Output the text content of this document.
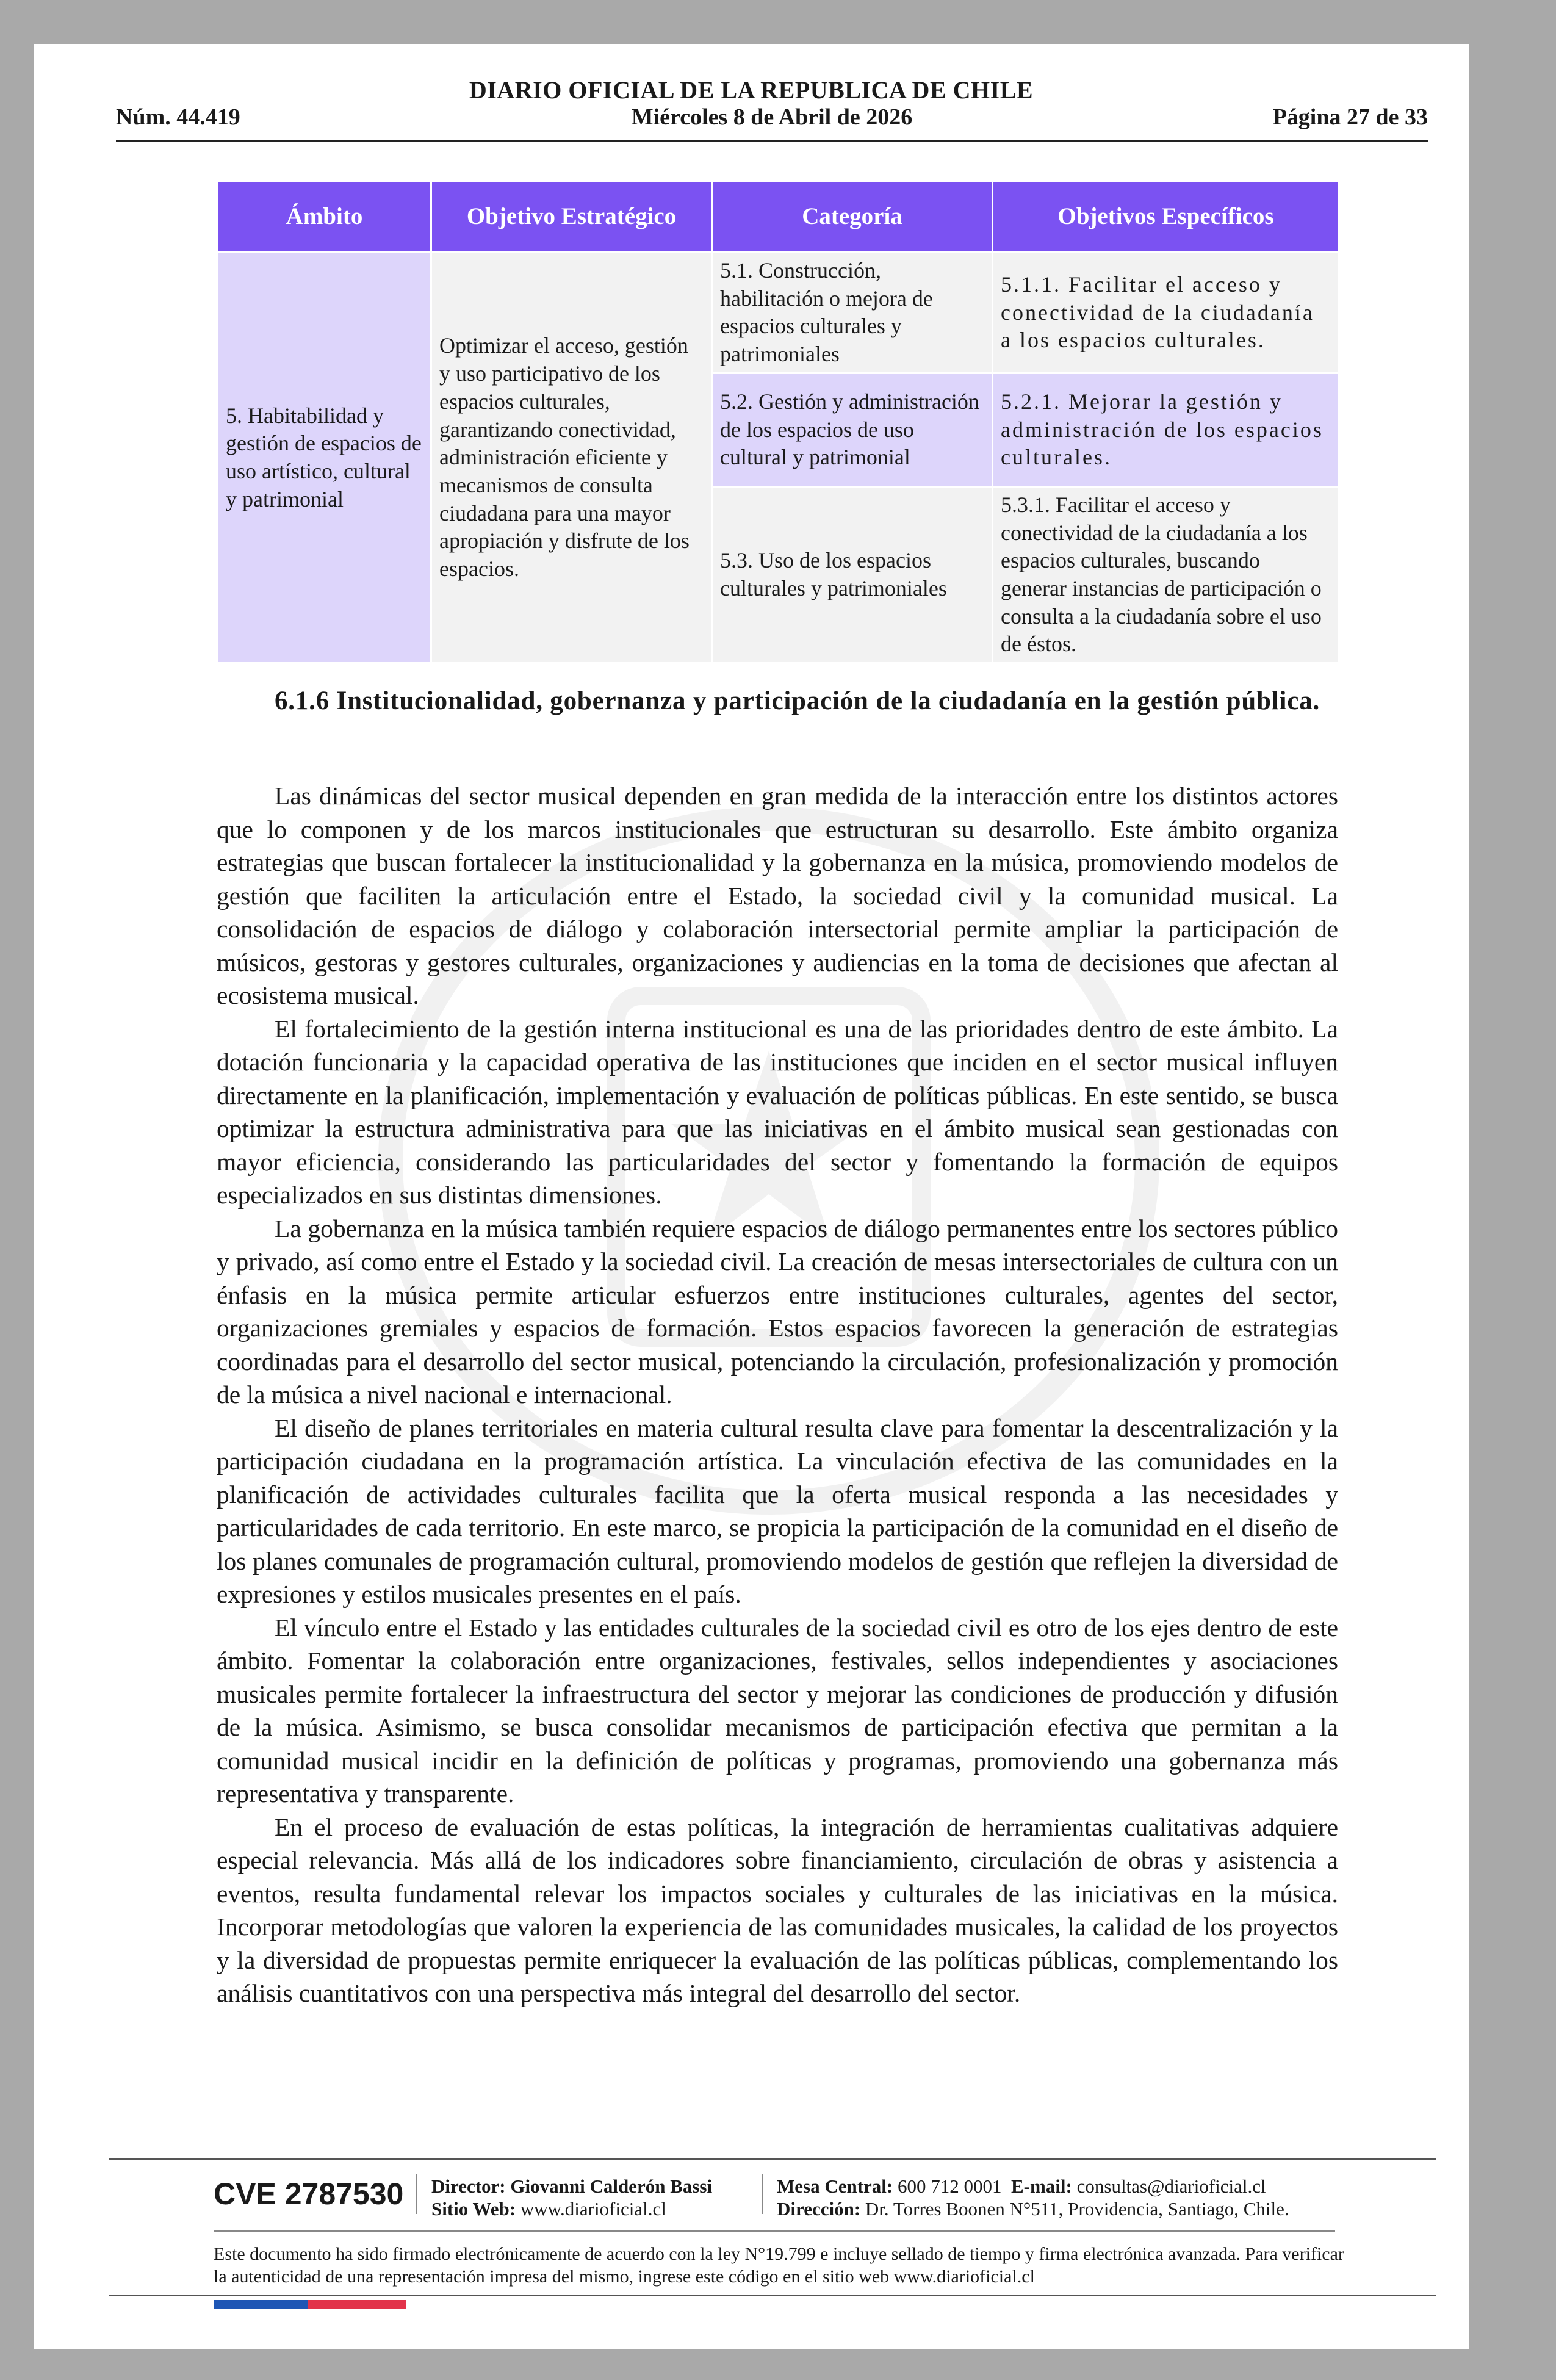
DIARIO OFICIAL DE LA REPUBLICA DE CHILE
Núm. 44.419	Miércoles 8 de Abril de 2026	Página 27 de 33
Ámbito	Objetivo Estratégico	Categoría	Objetivos Específicos
5. Habitabilidad y gestión de espacios de uso artístico, cultural y patrimonial	Optimizar el acceso, gestión y uso participativo de los espacios culturales, garantizando conectividad, administración eficiente y mecanismos de consulta ciudadana para una mayor apropiación y disfrute de los espacios.	5.1. Construcción, habilitación o mejora de espacios culturales y patrimoniales	5.1.1. Facilitar el acceso y conectividad de la ciudadanía a los espacios culturales.
		5.2. Gestión y administración de los espacios de uso cultural y patrimonial	5.2.1. Mejorar la gestión y administración de los espacios culturales.
		5.3. Uso de los espacios culturales y patrimoniales	5.3.1. Facilitar el acceso y conectividad de la ciudadanía a los espacios culturales, buscando generar instancias de participación o consulta a la ciudadanía sobre el uso de éstos.
6.1.6 Institucionalidad, gobernanza y participación de la ciudadanía en la gestión pública.

Las dinámicas del sector musical dependen en gran medida de la interacción entre los distintos actores que lo componen y de los marcos institucionales que estructuran su desarrollo. Este ámbito organiza estrategias que buscan fortalecer la institucionalidad y la gobernanza en la música, promoviendo modelos de gestión que faciliten la articulación entre el Estado, la sociedad civil y la comunidad musical. La consolidación de espacios de diálogo y colaboración intersectorial permite ampliar la participación de músicos, gestoras y gestores culturales, organizaciones y audiencias en la toma de decisiones que afectan al ecosistema musical.

El fortalecimiento de la gestión interna institucional es una de las prioridades dentro de este ámbito. La dotación funcionaria y la capacidad operativa de las instituciones que inciden en el sector musical influyen directamente en la planificación, implementación y evaluación de políticas públicas. En este sentido, se busca optimizar la estructura administrativa para que las iniciativas en el ámbito musical sean gestionadas con mayor eficiencia, considerando las particularidades del sector y fomentando la formación de equipos especializados en sus distintas dimensiones.

La gobernanza en la música también requiere espacios de diálogo permanentes entre los sectores público y privado, así como entre el Estado y la sociedad civil. La creación de mesas intersectoriales de cultura con un énfasis en la música permite articular esfuerzos entre instituciones culturales, agentes del sector, organizaciones gremiales y espacios de formación. Estos espacios favorecen la generación de estrategias coordinadas para el desarrollo del sector musical, potenciando la circulación, profesionalización y promoción de la música a nivel nacional e internacional.

El diseño de planes territoriales en materia cultural resulta clave para fomentar la descentralización y la participación ciudadana en la programación artística. La vinculación efectiva de las comunidades en la planificación de actividades culturales facilita que la oferta musical responda a las necesidades y particularidades de cada territorio. En este marco, se propicia la participación de la comunidad en el diseño de los planes comunales de programación cultural, promoviendo modelos de gestión que reflejen la diversidad de expresiones y estilos musicales presentes en el país.

El vínculo entre el Estado y las entidades culturales de la sociedad civil es otro de los ejes dentro de este ámbito. Fomentar la colaboración entre organizaciones, festivales, sellos independientes y asociaciones musicales permite fortalecer la infraestructura del sector y mejorar las condiciones de producción y difusión de la música. Asimismo, se busca consolidar mecanismos de participación efectiva que permitan a la comunidad musical incidir en la definición de políticas y programas, promoviendo una gobernanza más representativa y transparente.

En el proceso de evaluación de estas políticas, la integración de herramientas cualitativas adquiere especial relevancia. Más allá de los indicadores sobre financiamiento, circulación de obras y asistencia a eventos, resulta fundamental relevar los impactos sociales y culturales de las iniciativas en la música. Incorporar metodologías que valoren la experiencia de las comunidades musicales, la calidad de los proyectos y la diversidad de propuestas permite enriquecer la evaluación de las políticas públicas, complementando los análisis cuantitativos con una perspectiva más integral del desarrollo del sector.

CVE 2787530 Director: Giovanni Calderón Bassi
Sitio Web: www.diarioficial.cl
Mesa Central: 600 712 0001 E-mail: consultas@diarioficial.cl
Dirección: Dr. Torres Boonen N°511, Providencia, Santiago, Chile.
Este documento ha sido firmado electrónicamente de acuerdo con la ley N°19.799 e incluye sellado de tiempo y firma electrónica avanzada. Para verificar la autenticidad de una representación impresa del mismo, ingrese este código en el sitio web www.diarioficial.cl
